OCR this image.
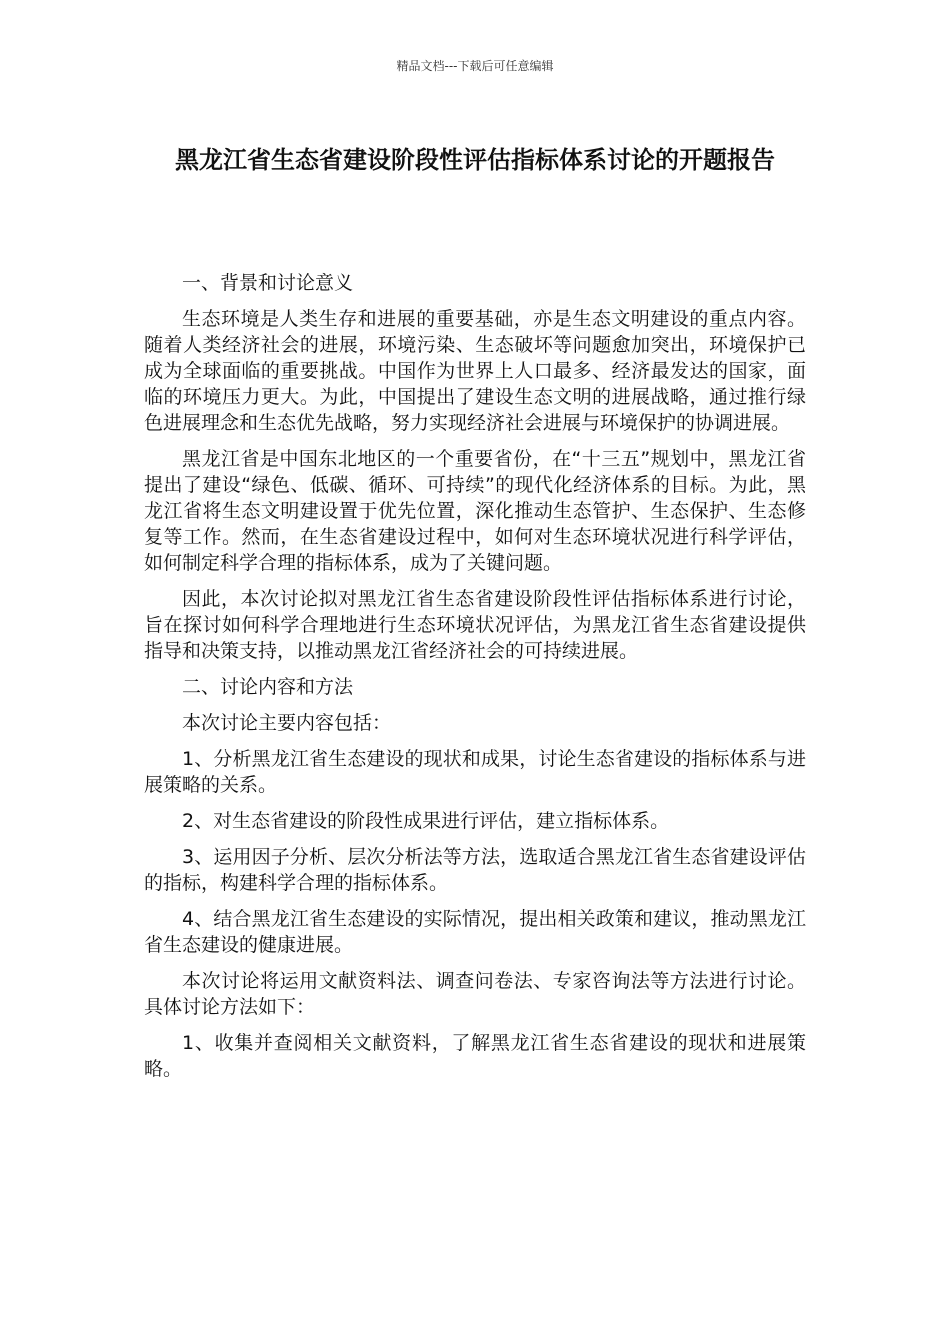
精品文档---下载后可任意编辑
黑龙江省生态省建设阶段性评估指标体系讨论的开题报告

一、背景和讨论意义

生态环境是人类生存和进展的重要基础，亦是生态文明建设的重点内容。随着人类经济社会的进展，环境污染、生态破坏等问题愈加突出，环境保护已成为全球面临的重要挑战。中国作为世界上人口最多、经济最发达的国家，面临的环境压力更大。为此，中国提出了建设生态文明的进展战略，通过推行绿色进展理念和生态优先战略，努力实现经济社会进展与环境保护的协调进展。

黑龙江省是中国东北地区的一个重要省份，在“十三五”规划中，黑龙江省提出了建设“绿色、低碳、循环、可持续”的现代化经济体系的目标。为此，黑龙江省将生态文明建设置于优先位置，深化推动生态管护、生态保护、生态修复等工作。然而，在生态省建设过程中，如何对生态环境状况进行科学评估，如何制定科学合理的指标体系，成为了关键问题。

因此，本次讨论拟对黑龙江省生态省建设阶段性评估指标体系进行讨论，旨在探讨如何科学合理地进行生态环境状况评估，为黑龙江省生态省建设提供指导和决策支持，以推动黑龙江省经济社会的可持续进展。

二、讨论内容和方法

本次讨论主要内容包括：

1、分析黑龙江省生态建设的现状和成果，讨论生态省建设的指标体系与进展策略的关系。

2、对生态省建设的阶段性成果进行评估，建立指标体系。

3、运用因子分析、层次分析法等方法，选取适合黑龙江省生态省建设评估的指标，构建科学合理的指标体系。

4、结合黑龙江省生态建设的实际情况，提出相关政策和建议，推动黑龙江省生态建设的健康进展。

本次讨论将运用文献资料法、调查问卷法、专家咨询法等方法进行讨论。具体讨论方法如下：

1、收集并查阅相关文献资料，了解黑龙江省生态省建设的现状和进展策略。
